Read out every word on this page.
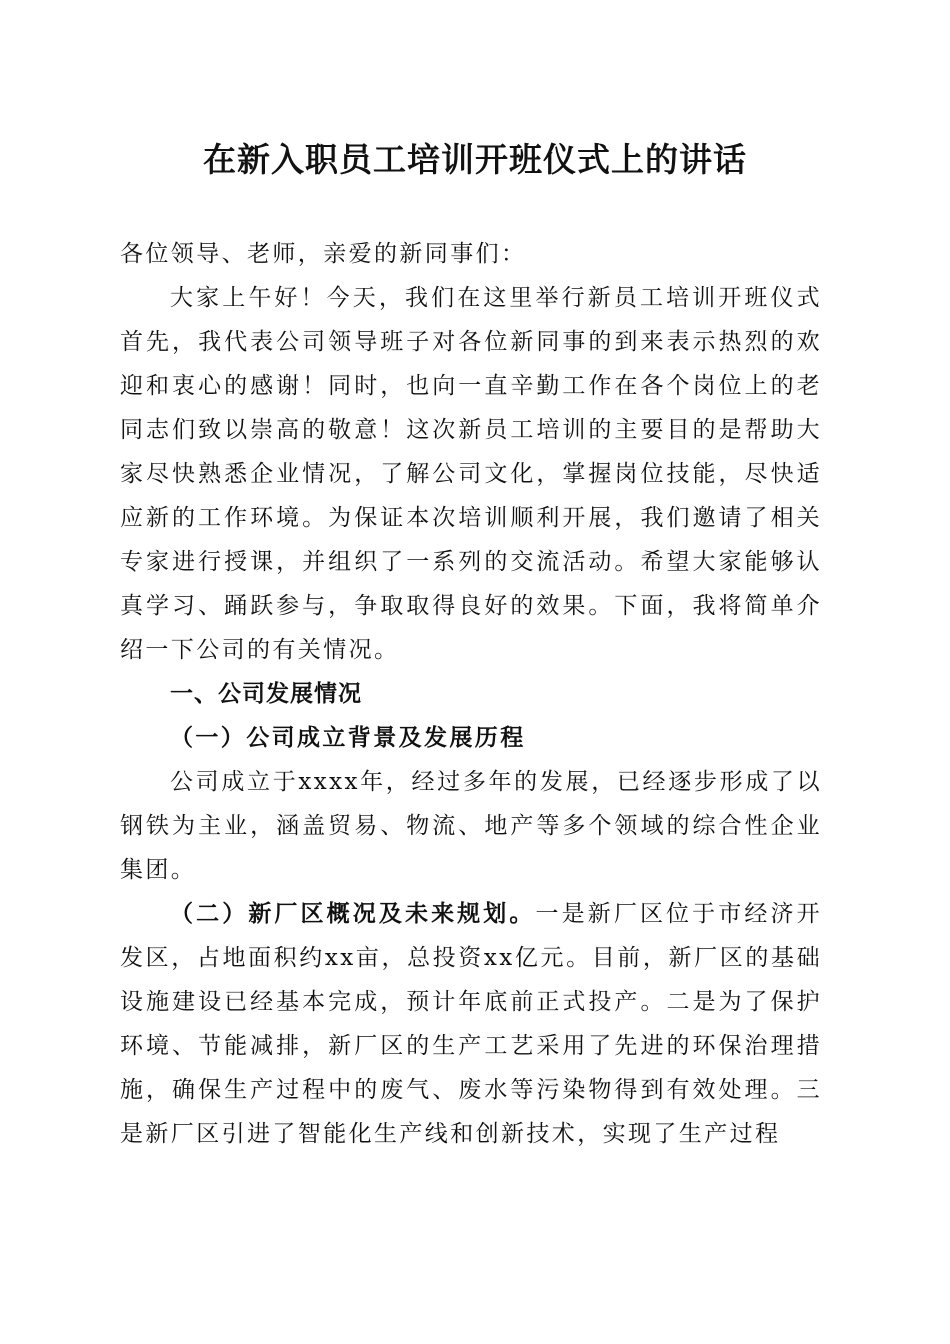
在新入职员工培训开班仪式上的讲话

各位领导、老师，亲爱的新同事们：

大家上午好！今天，我们在这里举行新员工培训开班仪式首先，我代表公司领导班子对各位新同事的到来表示热烈的欢迎和衷心的感谢！同时，也向一直辛勤工作在各个岗位上的老同志们致以崇高的敬意！这次新员工培训的主要目的是帮助大家尽快熟悉企业情况，了解公司文化，掌握岗位技能，尽快适应新的工作环境。为保证本次培训顺利开展，我们邀请了相关专家进行授课，并组织了一系列的交流活动。希望大家能够认真学习、踊跃参与，争取取得良好的效果。下面，我将简单介绍一下公司的有关情况。

一、公司发展情况

（一）公司成立背景及发展历程

公司成立于xxxx年，经过多年的发展，已经逐步形成了以钢铁为主业，涵盖贸易、物流、地产等多个领域的综合性企业集团。

（二）新厂区概况及未来规划。一是新厂区位于市经济开发区，占地面积约xx亩，总投资xx亿元。目前，新厂区的基础设施建设已经基本完成，预计年底前正式投产。二是为了保护环境、节能减排，新厂区的生产工艺采用了先进的环保治理措施，确保生产过程中的废气、废水等污染物得到有效处理。三是新厂区引进了智能化生产线和创新技术，实现了生产过程
